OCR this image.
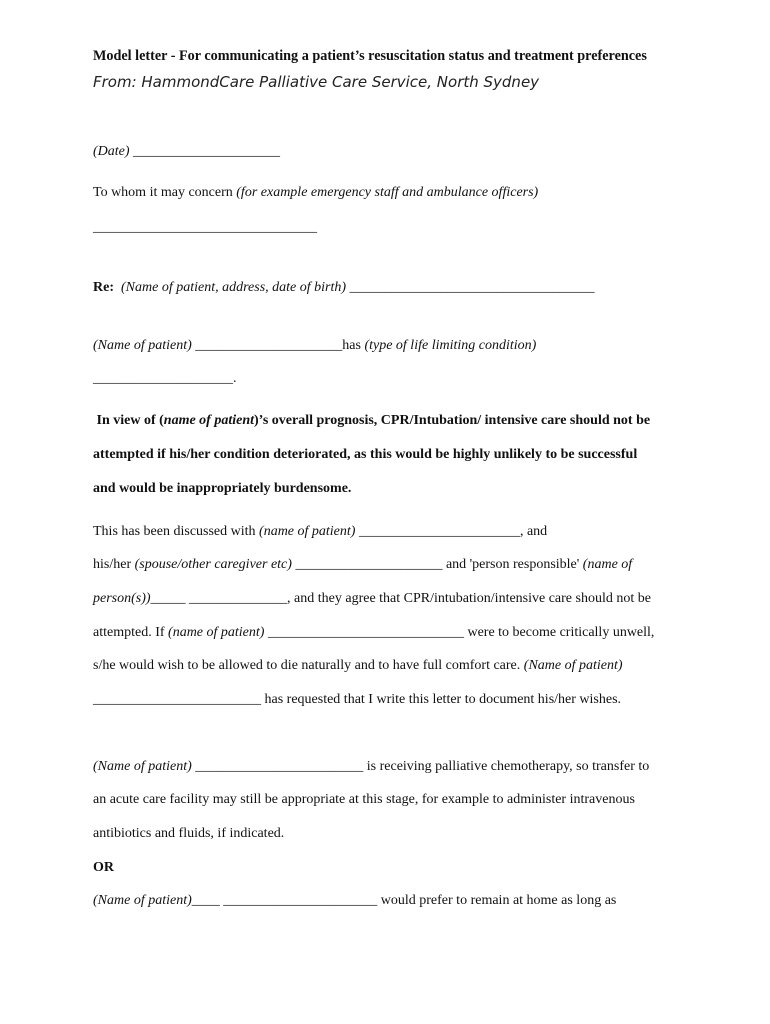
Model letter - For communicating a patient’s resuscitation status and treatment preferences
From: HammondCare Palliative Care Service, North Sydney
(Date) _____________________
To whom it may concern (for example emergency staff and ambulance officers)
________________________________
Re: (Name of patient, address, date of birth) ___________________________________
(Name of patient) _____________________has (type of life limiting condition)
____________________.
In view of (name of patient)’s overall prognosis, CPR/Intubation/ intensive care should not be
attempted if his/her condition deteriorated, as this would be highly unlikely to be successful
and would be inappropriately burdensome.
This has been discussed with (name of patient) _______________________, and
his/her (spouse/other caregiver etc) _____________________ and 'person responsible' (name of
person(s))_____ ______________, and they agree that CPR/intubation/intensive care should not be
attempted. If (name of patient) ____________________________ were to become critically unwell,
s/he would wish to be allowed to die naturally and to have full comfort care. (Name of patient)
________________________ has requested that I write this letter to document his/her wishes.
(Name of patient) ________________________ is receiving palliative chemotherapy, so transfer to
an acute care facility may still be appropriate at this stage, for example to administer intravenous
antibiotics and fluids, if indicated.
OR
(Name of patient)____ ______________________ would prefer to remain at home as long as
